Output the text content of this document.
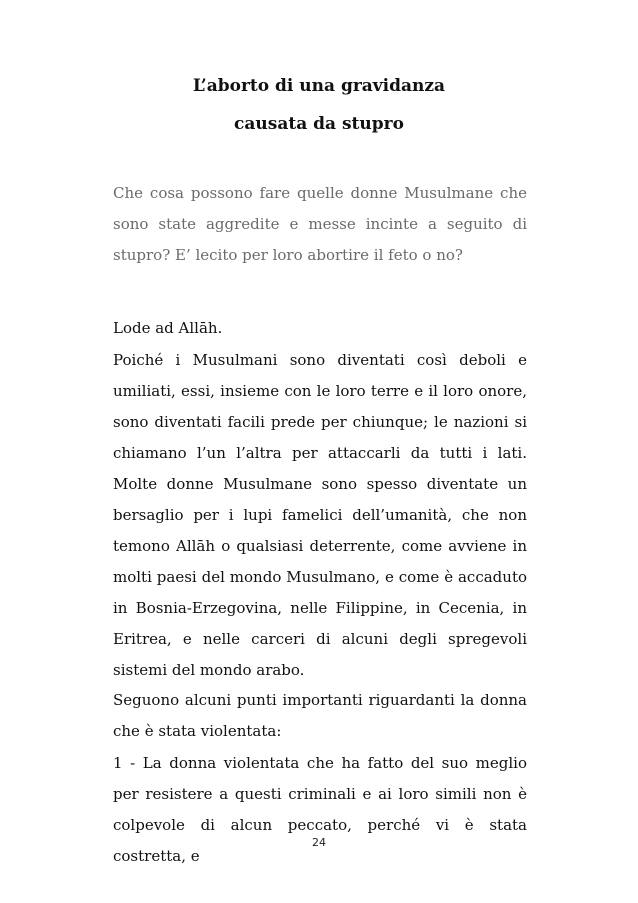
L’aborto di una gravidanza
causata da stupro

Che cosa possono fare quelle donne Musulmane che sono state aggredite e messe incinte a seguito di stupro? E’ lecito per loro abortire il feto o no?

Lode ad Allāh.

Poiché i Musulmani sono diventati così deboli e umiliati, essi, insieme con le loro terre e il loro onore, sono diventati facili prede per chiunque; le nazioni si chiamano l’un l’altra per attaccarli da tutti i lati. Molte donne Musulmane sono spesso diventate un bersaglio per i lupi famelici dell’umanità, che non temono Allāh o qualsiasi deterrente, come avviene in molti paesi del mondo Musulmano, e come è accaduto in Bosnia-Erzegovina, nelle Filippine, in Cecenia, in Eritrea, e nelle carceri di alcuni degli spregevoli sistemi del mondo arabo.

Seguono alcuni punti importanti riguardanti la donna che è stata violentata:

1 - La donna violentata che ha fatto del suo meglio per resistere a questi criminali e ai loro simili non è colpevole di alcun peccato, perché vi è stata costretta, e

24
